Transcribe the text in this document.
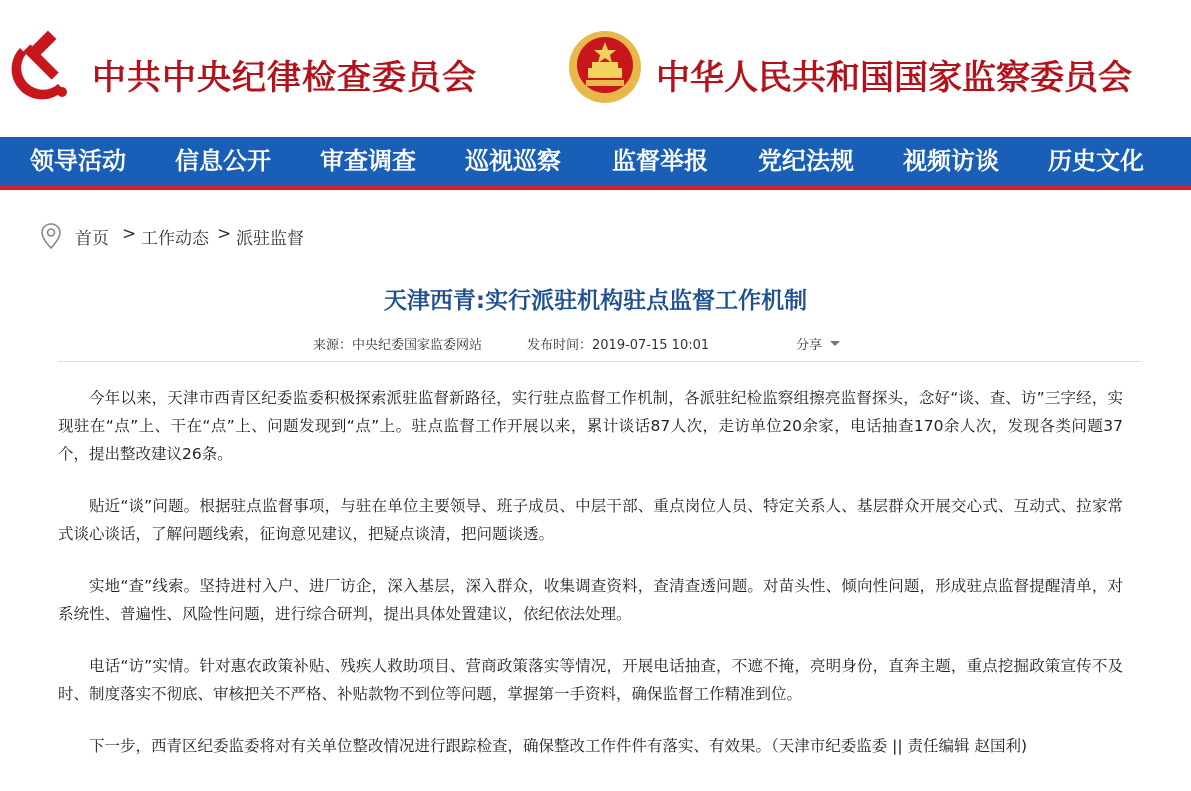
中共中央纪律检查委员会	中华人民共和国国家监察委员会
领导活动 信息公开 审查调查 巡视巡察 监督举报 党纪法规 视频访谈 历史文化
首页 > 工作动态 > 派驻监督
天津西青:实行派驻机构驻点监督工作机制
来源：中央纪委国家监委网站	发布时间：2019-07-15 10:01	分享

今年以来，天津市西青区纪委监委积极探索派驻监督新路径，实行驻点监督工作机制，各派驻纪检监察组擦亮监督探头，念好“谈、查、访”三字经，实现驻在“点”上、干在“点”上、问题发现到“点”上。驻点监督工作开展以来，累计谈话87人次，走访单位20余家，电话抽查170余人次，发现各类问题37个，提出整改建议26条。

贴近“谈”问题。根据驻点监督事项，与驻在单位主要领导、班子成员、中层干部、重点岗位人员、特定关系人、基层群众开展交心式、互动式、拉家常式谈心谈话，了解问题线索，征询意见建议，把疑点谈清，把问题谈透。

实地“查”线索。坚持进村入户、进厂访企，深入基层，深入群众，收集调查资料，查清查透问题。对苗头性、倾向性问题，形成驻点监督提醒清单，对系统性、普遍性、风险性问题，进行综合研判，提出具体处置建议，依纪依法处理。

电话“访”实情。针对惠农政策补贴、残疾人救助项目、营商政策落实等情况，开展电话抽查，不遮不掩，亮明身份，直奔主题，重点挖掘政策宣传不及时、制度落实不彻底、审核把关不严格、补贴款物不到位等问题，掌握第一手资料，确保监督工作精准到位。

下一步，西青区纪委监委将对有关单位整改情况进行跟踪检查，确保整改工作件件有落实、有效果。（天津市纪委监委 || 责任编辑 赵国利)
